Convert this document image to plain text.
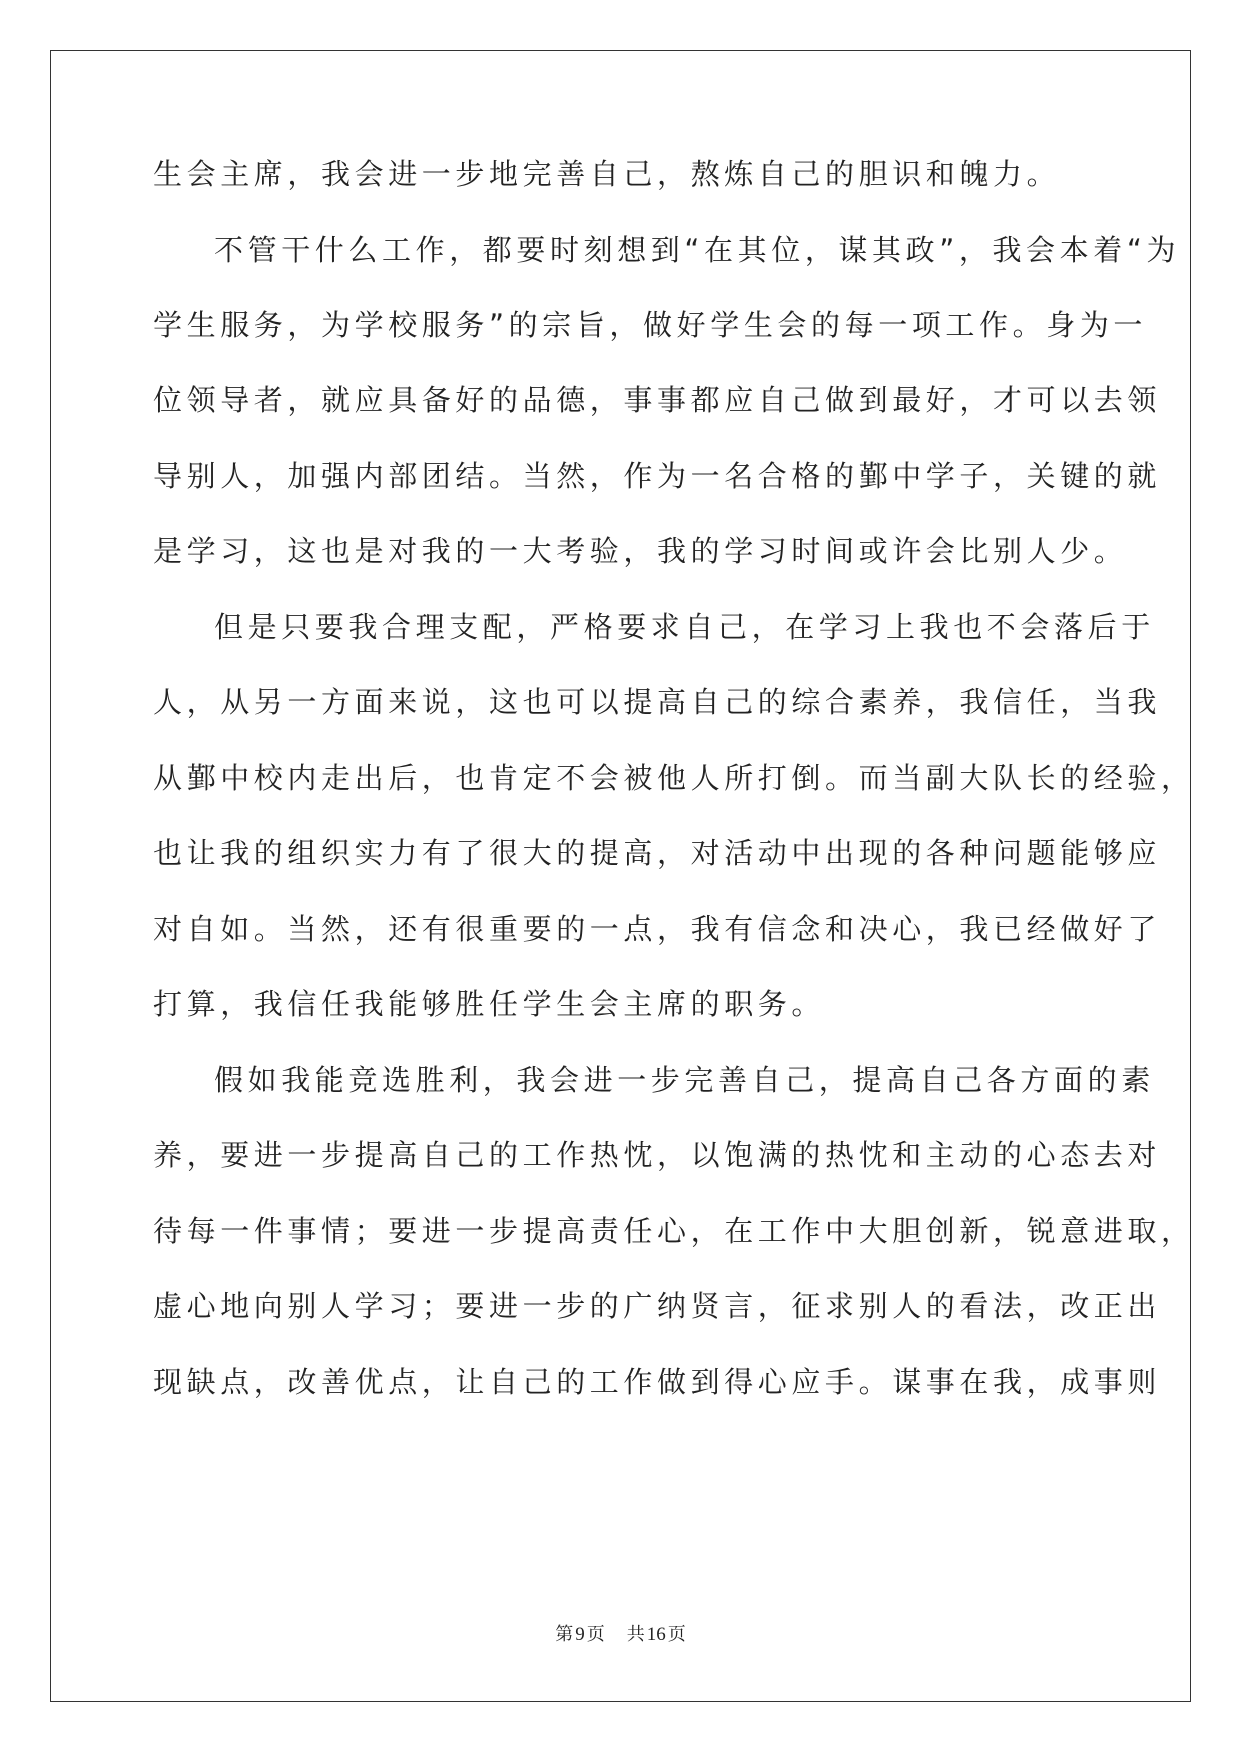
生会主席，我会进一步地完善自己，熬炼自己的胆识和魄力。
不管干什么工作，都要时刻想到“在其位，谋其政”，我会本着“为
学生服务，为学校服务”的宗旨，做好学生会的每一项工作。身为一
位领导者，就应具备好的品德，事事都应自己做到最好，才可以去领
导别人，加强内部团结。当然，作为一名合格的鄞中学子，关键的就
是学习，这也是对我的一大考验，我的学习时间或许会比别人少。
但是只要我合理支配，严格要求自己，在学习上我也不会落后于
人，从另一方面来说，这也可以提高自己的综合素养，我信任，当我
从鄞中校内走出后，也肯定不会被他人所打倒。而当副大队长的经验，
也让我的组织实力有了很大的提高，对活动中出现的各种问题能够应
对自如。当然，还有很重要的一点，我有信念和决心，我已经做好了
打算，我信任我能够胜任学生会主席的职务。
假如我能竞选胜利，我会进一步完善自己，提高自己各方面的素
养，要进一步提高自己的工作热忱，以饱满的热忱和主动的心态去对
待每一件事情；要进一步提高责任心，在工作中大胆创新，锐意进取，
虚心地向别人学习；要进一步的广纳贤言，征求别人的看法，改正出
现缺点，改善优点，让自己的工作做到得心应手。谋事在我，成事则
第 9 页 共 16 页
